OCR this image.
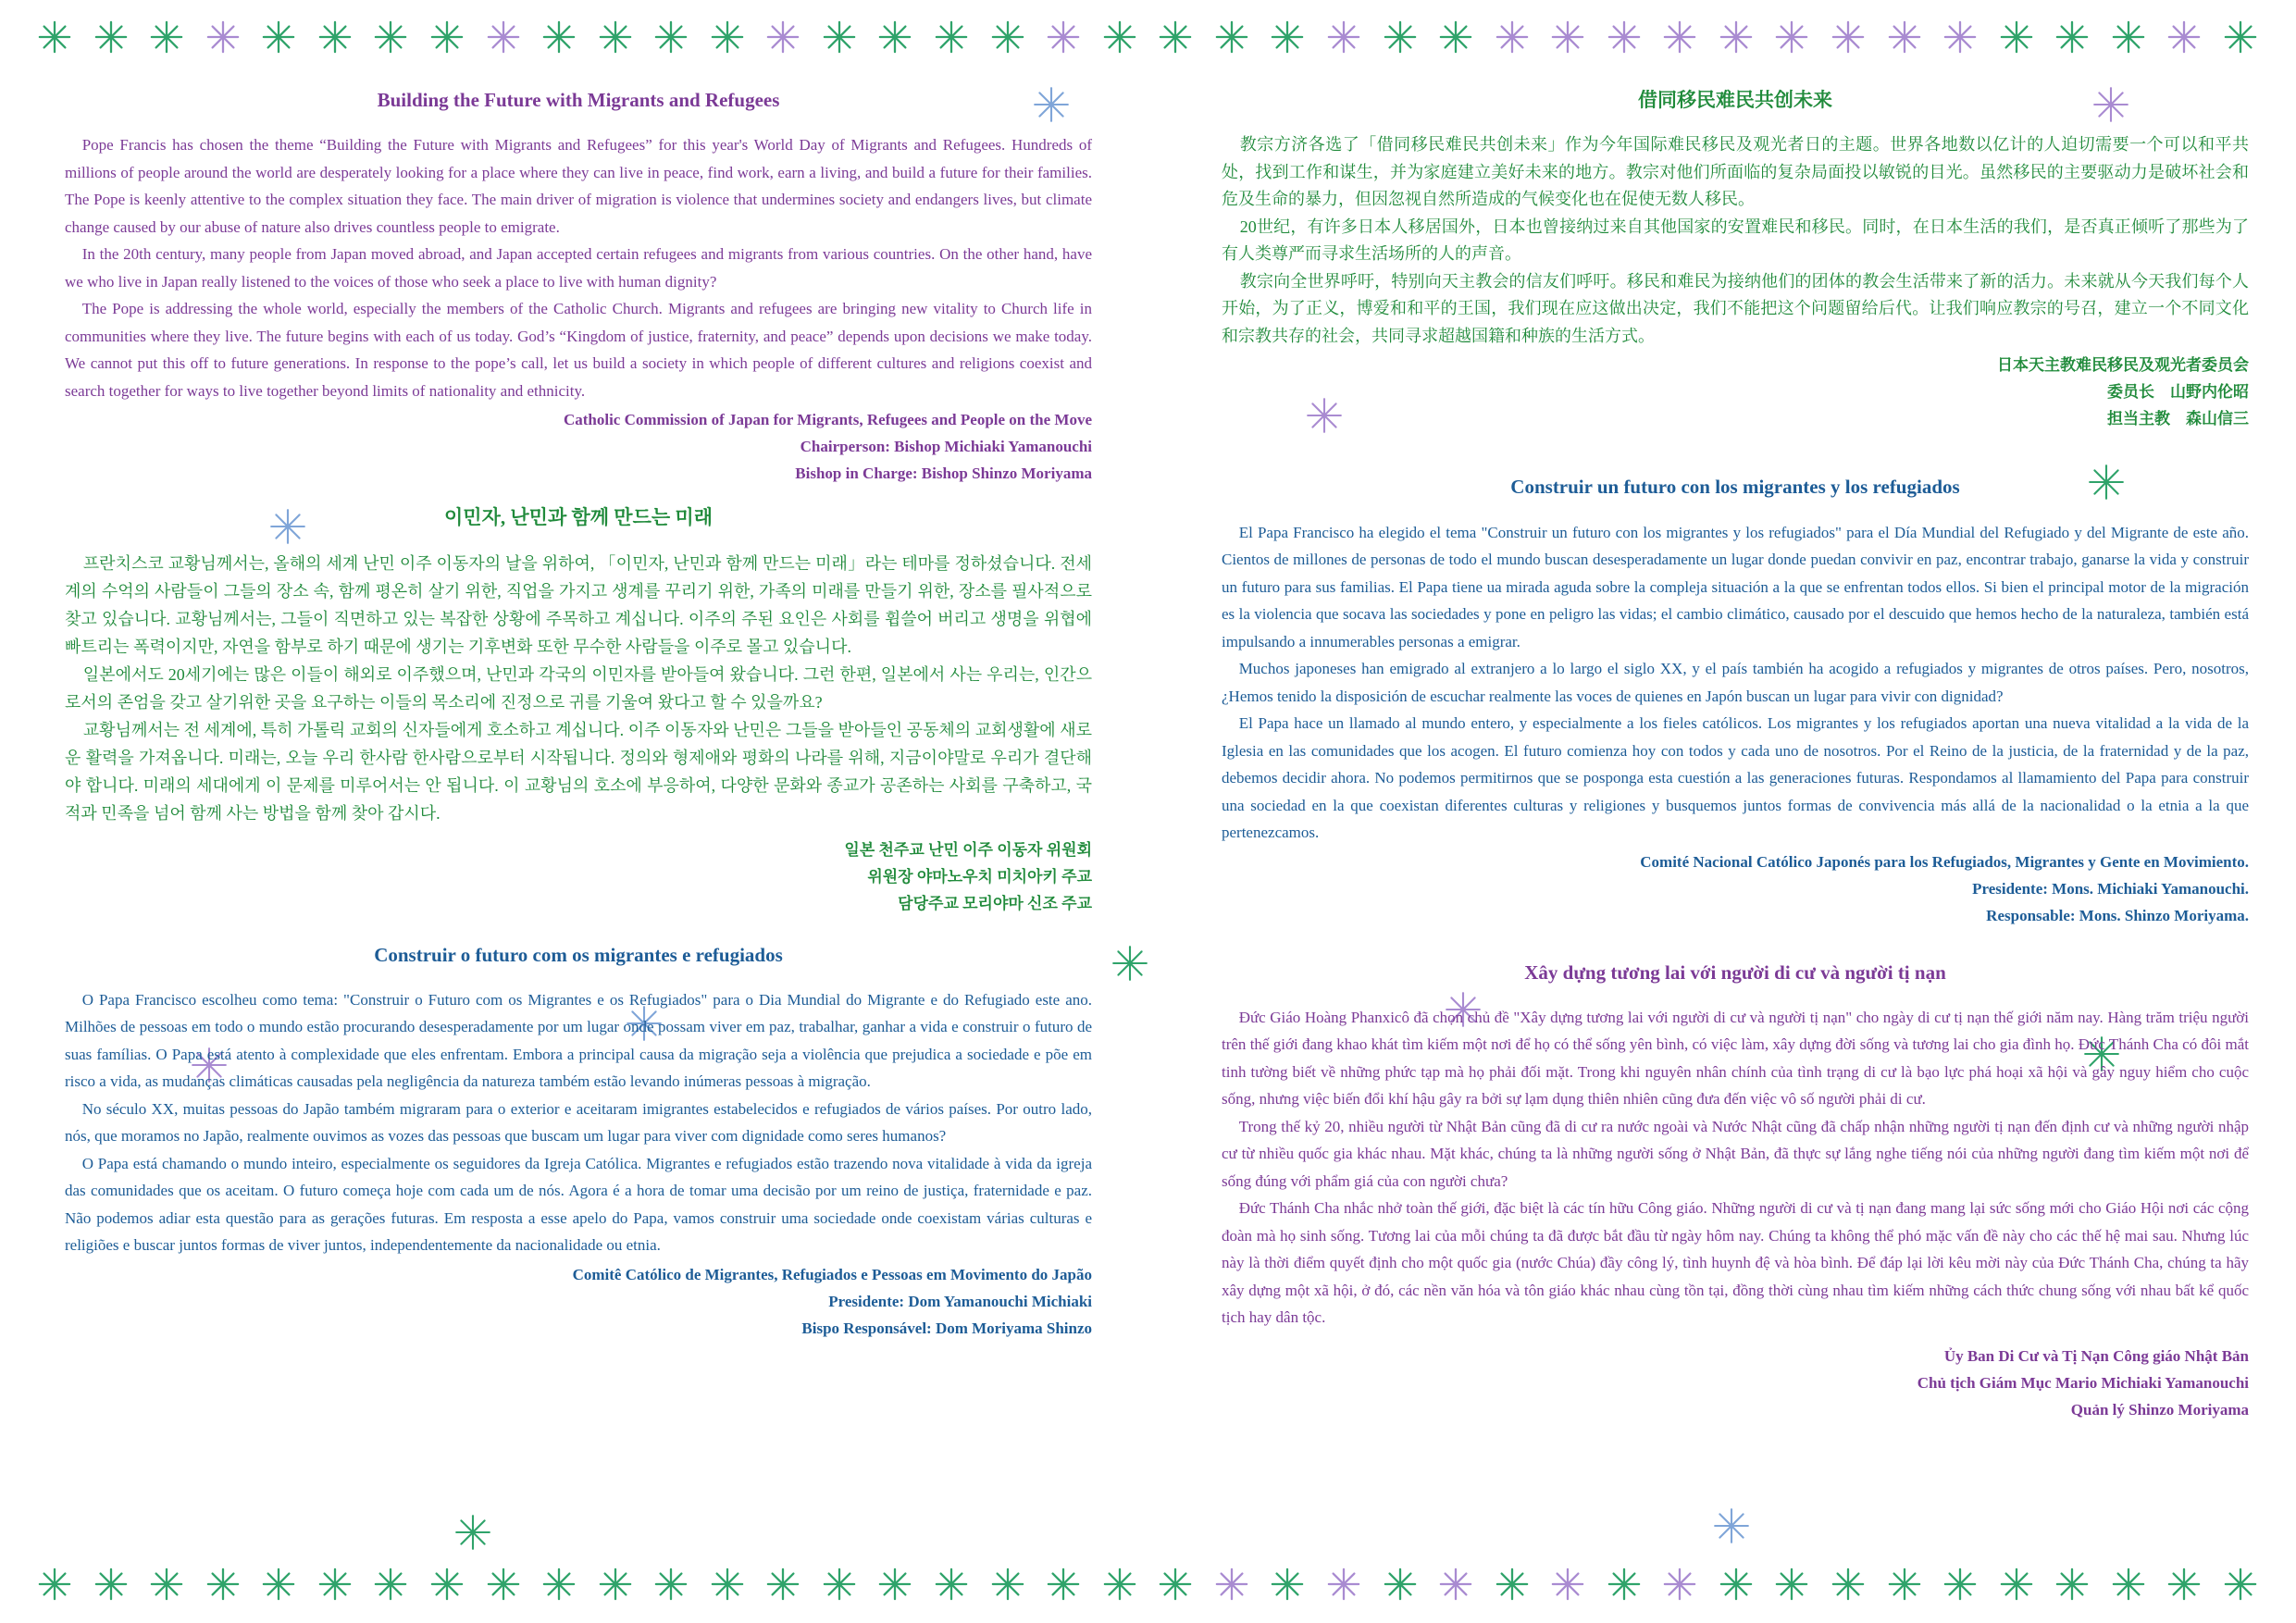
Building the Future with Migrants and Refugees

Pope Francis has chosen the theme “Building the Future with Migrants and Refugees” for this year's World Day of Migrants and Refugees. Hundreds of millions of people around the world are desperately looking for a place where they can live in peace, find work, earn a living, and build a future for their families. The Pope is keenly attentive to the complex situation they face. The main driver of migration is violence that undermines society and endangers lives, but climate change caused by our abuse of nature also drives countless people to emigrate.

In the 20th century, many people from Japan moved abroad, and Japan accepted certain refugees and migrants from various countries. On the other hand, have we who live in Japan really listened to the voices of those who seek a place to live with human dignity?

The Pope is addressing the whole world, especially the members of the Catholic Church. Migrants and refugees are bringing new vitality to Church life in communities where they live. The future begins with each of us today. God’s “Kingdom of justice, fraternity, and peace” depends upon decisions we make today. We cannot put this off to future generations. In response to the pope’s call, let us build a society in which people of different cultures and religions coexist and search together for ways to live together beyond limits of nationality and ethnicity.

Catholic Commission of Japan for Migrants, Refugees and People on the Move
Chairperson: Bishop Michiaki Yamanouchi
Bishop in Charge: Bishop Shinzo Moriyama
이민자, 난민과 함께 만드는 미래

프란치스코 교황님께서는, 올해의 세계 난민 이주 이동자의 날을 위하여, 「이민자, 난민과 함께 만드는 미래」라는 테마를 정하셨습니다. 전세계의 수억의 사람들이 그들의 장소 속, 함께 평온히 살기 위한, 직업을 가지고 생계를 꾸리기 위한, 가족의 미래를 만들기 위한, 장소를 필사적으로 찾고 있습니다. 교황님께서는, 그들이 직면하고 있는 복잡한 상황에 주목하고 계십니다. 이주의 주된 요인은 사회를 휩쓸어 버리고 생명을 위협에 빠트리는 폭력이지만, 자연을 함부로 하기 때문에 생기는 기후변화 또한 무수한 사람들을 이주로 몰고 있습니다.

일본에서도 20세기에는 많은 이들이 해외로 이주했으며, 난민과 각국의 이민자를 받아들여 왔습니다. 그런 한편, 일본에서 사는 우리는, 인간으로서의 존엄을 갖고 살기위한 곳을 요구하는 이들의 목소리에 진정으로 귀를 기울여 왔다고 할 수 있을까요?

교황님께서는 전 세계에, 특히 가톨릭 교회의 신자들에게 호소하고 계십니다. 이주 이동자와 난민은 그들을 받아들인 공동체의 교회생활에 새로운 활력을 가져옵니다. 미래는, 오늘 우리 한사람 한사람으로부터 시작됩니다. 정의와 형제애와 평화의 나라를 위해, 지금이야말로 우리가 결단해야 합니다. 미래의 세대에게 이 문제를 미루어서는 안 됩니다. 이 교황님의 호소에 부응하여, 다양한 문화와 종교가 공존하는 사회를 구축하고, 국적과 민족을 넘어 함께 사는 방법을 함께 찾아 갑시다.

일본 천주교 난민 이주 이동자 위원회
위원장 야마노우치 미치아키 주교
담당주교 모리야마 신조 주교
Construir o futuro com os migrantes e refugiados

O Papa Francisco escolheu como tema: "Construir o Futuro com os Migrantes e os Refugiados" para o Dia Mundial do Migrante e do Refugiado este ano. Milhões de pessoas em todo o mundo estão procurando desesperadamente por um lugar onde possam viver em paz, trabalhar, ganhar a vida e construir o futuro de suas famílias. O Papa está atento à complexidade que eles enfrentam. Embora a principal causa da migração seja a violência que prejudica a sociedade e põe em risco a vida, as mudanças climáticas causadas pela negligência da natureza também estão levando inúmeras pessoas à migração.

No século XX, muitas pessoas do Japão também migraram para o exterior e aceitaram imigrantes estabelecidos e refugiados de vários países. Por outro lado, nós, que moramos no Japão, realmente ouvimos as vozes das pessoas que buscam um lugar para viver com dignidade como seres humanos?

O Papa está chamando o mundo inteiro, especialmente os seguidores da Igreja Católica. Migrantes e refugiados estão trazendo nova vitalidade à vida da igreja das comunidades que os aceitam. O futuro começa hoje com cada um de nós. Agora é a hora de tomar uma decisão por um reino de justiça, fraternidade e paz. Não podemos adiar esta questão para as gerações futuras. Em resposta a esse apelo do Papa, vamos construir uma sociedade onde coexistam várias culturas e religiões e buscar juntos formas de viver juntos, independentemente da nacionalidade ou etnia.

Comitê Católico de Migrantes, Refugiados e Pessoas em Movimento do Japão
Presidente: Dom Yamanouchi Michiaki
Bispo Responsável: Dom Moriyama Shinzo
借同移民难民共创未来

教宗方济各选了「借同移民难民共创未来」作为今年国际难民移民及观光者日的主题。世界各地数以亿计的人迫切需要一个可以和平共处，找到工作和谋生，并为家庭建立美好未来的地方。教宗对他们所面临的复杂局面投以敏锐的目光。虽然移民的主要驱动力是破坏社会和危及生命的暴力，但因忽视自然所造成的气候变化也在促使无数人移民。

20世纪，有许多日本人移居国外，日本也曾接纳过来自其他国家的安置难民和移民。同时，在日本生活的我们，是否真正倾听了那些为了有人类尊严而寻求生活场所的人的声音。

教宗向全世界呼吁，特别向天主教会的信友们呼吁。移民和难民为接纳他们的团体的教会生活带来了新的活力。未来就从今天我们每个人开始，为了正义，博爱和和平的王国，我们现在应这做出决定，我们不能把这个问题留给后代。让我们响应教宗的号召，建立一个不同文化和宗教共存的社会，共同寻求超越国籍和种族的生活方式。

日本天主教难民移民及观光者委员会
委员长　山野内伦昭
担当主教　森山信三
Construir un futuro con los migrantes y los refugiados

El Papa Francisco ha elegido el tema "Construir un futuro con los migrantes y los refugiados" para el Día Mundial del Refugiado y del Migrante de este año. Cientos de millones de personas de todo el mundo buscan desesperadamente un lugar donde puedan convivir en paz, encontrar trabajo, ganarse la vida y construir un futuro para sus familias. El Papa tiene ua mirada aguda sobre la compleja situación a la que se enfrentan todos ellos. Si bien el principal motor de la migración es la violencia que socava las sociedades y pone en peligro las vidas; el cambio climático, causado por el descuido que hemos hecho de la naturaleza, también está impulsando a innumerables personas a emigrar.

Muchos japoneses han emigrado al extranjero a lo largo el siglo XX, y el país también ha acogido a refugiados y migrantes de otros países. Pero, nosotros, ¿Hemos tenido la disposición de escuchar realmente las voces de quienes en Japón buscan un lugar para vivir con dignidad?

El Papa hace un llamado al mundo entero, y especialmente a los fieles católicos. Los migrantes y los refugiados aportan una nueva vitalidad a la vida de la Iglesia en las comunidades que los acogen. El futuro comienza hoy con todos y cada uno de nosotros. Por el Reino de la justicia, de la fraternidad y de la paz, debemos decidir ahora. No podemos permitirnos que se posponga esta cuestión a las generaciones futuras. Respondamos al llamamiento del Papa para construir una sociedad en la que coexistan diferentes culturas y religiones y busquemos juntos formas de convivencia más allá de la nacionalidad o la etnia a la que pertenezcamos.

Comité Nacional Católico Japonés para los Refugiados, Migrantes y Gente en Movimiento.
Presidente: Mons. Michiaki Yamanouchi.
Responsable: Mons. Shinzo Moriyama.
Xây dựng tương lai với người di cư và người tị nạn

Đức Giáo Hoàng Phanxicô đã chọn chủ đề "Xây dựng tương lai với người di cư và người tị nạn" cho ngày di cư tị nạn thế giới năm nay. Hàng trăm triệu người trên thế giới đang khao khát tìm kiếm một nơi để họ có thể sống yên bình, có việc làm, xây dựng đời sống và tương lai cho gia đình họ. Đức Thánh Cha có đôi mắt tinh tường biết về những phức tạp mà họ phải đối mặt. Trong khi nguyên nhân chính của tình trạng di cư là bạo lực phá hoại xã hội và gây nguy hiểm cho cuộc sống, nhưng việc biến đổi khí hậu gây ra bởi sự lạm dụng thiên nhiên cũng đưa đến việc vô số người phải di cư.

Trong thế kỷ 20, nhiều người từ Nhật Bản cũng đã di cư ra nước ngoài và Nước Nhật cũng đã chấp nhận những người tị nạn đến định cư và những người nhập cư từ nhiều quốc gia khác nhau. Mặt khác, chúng ta là những người sống ở Nhật Bản, đã thực sự lắng nghe tiếng nói của những người đang tìm kiếm một nơi để sống đúng với phẩm giá của con người chưa?

Đức Thánh Cha nhắc nhở toàn thế giới, đặc biệt là các tín hữu Công giáo. Những người di cư và tị nạn đang mang lại sức sống mới cho Giáo Hội nơi các cộng đoàn mà họ sinh sống. Tương lai của mỗi chúng ta đã được bắt đầu từ ngày hôm nay. Chúng ta không thể phó mặc vấn đề này cho các thế hệ mai sau. Nhưng lúc này là thời điểm quyết định cho một quốc gia (nước Chúa) đầy công lý, tình huynh đệ và hòa bình. Để đáp lại lời kêu mời này của Đức Thánh Cha, chúng ta hãy xây dựng một xã hội, ở đó, các nền văn hóa và tôn giáo khác nhau cùng tồn tại, đồng thời cùng nhau tìm kiếm những cách thức chung sống với nhau bất kể quốc tịch hay dân tộc.

Ủy Ban Di Cư và Tị Nạn Công giáo Nhật Bản
Chủ tịch Giám Mục Mario Michiaki Yamanouchi
Quản lý Shinzo Moriyama
